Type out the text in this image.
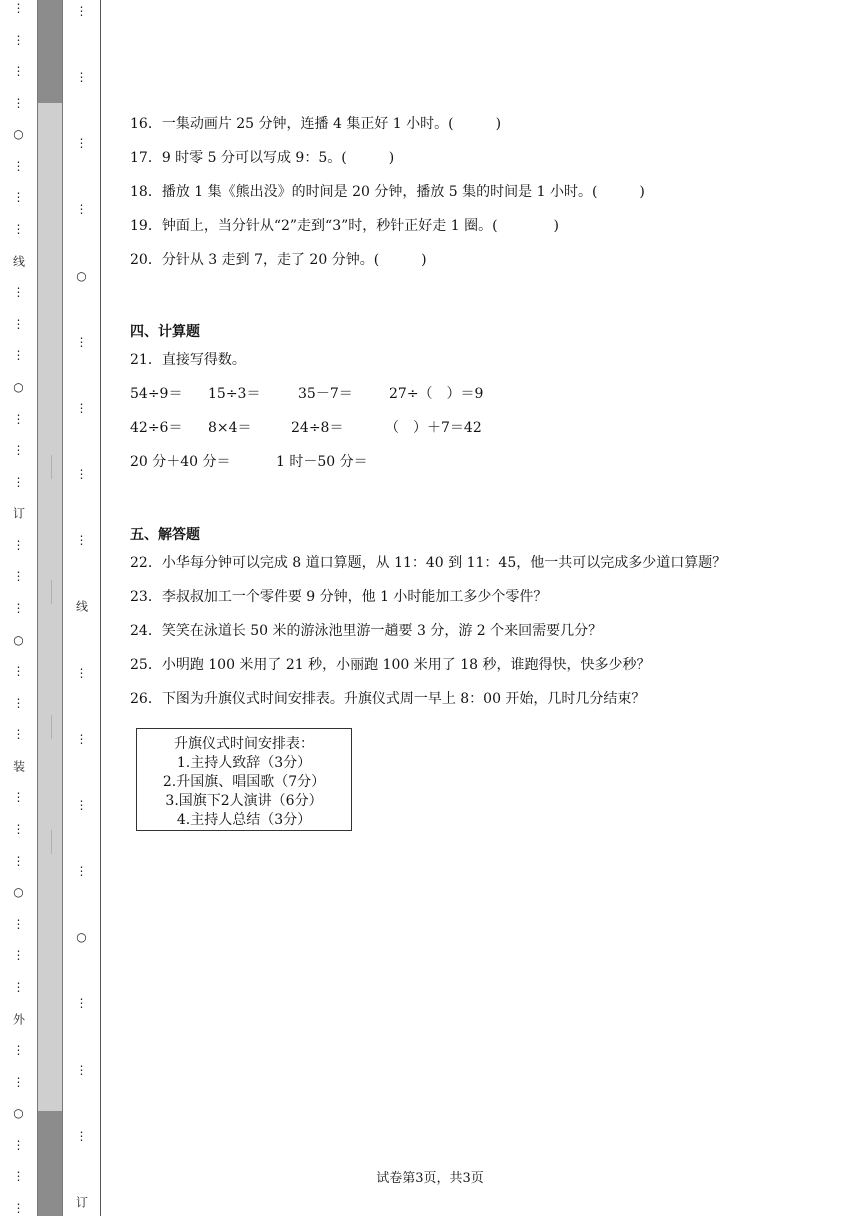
⋮
⋮
⋮
⋮
○
⋮
⋮
⋮
线
⋮
⋮
⋮
○
⋮
⋮
⋮
订
⋮
⋮
⋮
○
⋮
⋮
⋮
装
⋮
⋮
⋮
○
⋮
⋮
⋮
外
⋮
⋮
○
⋮
⋮
⋮
…………
…………
…………
…………
⋮
⋮
⋮
⋮
○
⋮
⋮
⋮
⋮
线
⋮
⋮
⋮
⋮
○
⋮
⋮
⋮
订
16．一集动画片 25 分钟，连播 4 集正好 1 小时。(　　　)
17．9 时零 5 分可以写成 9：5。(　　　)
18．播放 1 集《熊出没》的时间是 20 分钟，播放 5 集的时间是 1 小时。(　　　)
19．钟面上，当分针从“2”走到“3”时，秒针正好走 1 圈。(　　　　)
20．分针从 3 走到 7，走了 20 分钟。(　　　)
四、计算题
21．直接写得数。
54÷9＝ 15÷3＝	35－7＝	27÷（　）＝9
42÷6＝ 8×4＝	24÷8＝	（　）＋7＝42
20 分＋40 分＝	1 时－50 分＝
五、解答题
22．小华每分钟可以完成 8 道口算题，从 11：40 到 11：45，他一共可以完成多少道口算题？
23．李叔叔加工一个零件要 9 分钟，他 1 小时能加工多少个零件？
24．笑笑在泳道长 50 米的游泳池里游一趟要 3 分，游 2 个来回需要几分？
25．小明跑 100 米用了 21 秒，小丽跑 100 米用了 18 秒，谁跑得快，快多少秒？
26．下图为升旗仪式时间安排表。升旗仪式周一早上 8：00 开始，几时几分结束？
升旗仪式时间安排表：
1.主持人致辞（3分）
2.升国旗、唱国歌（7分）
3.国旗下2人演讲（6分）
4.主持人总结（3分）
试卷第3页，共3页
